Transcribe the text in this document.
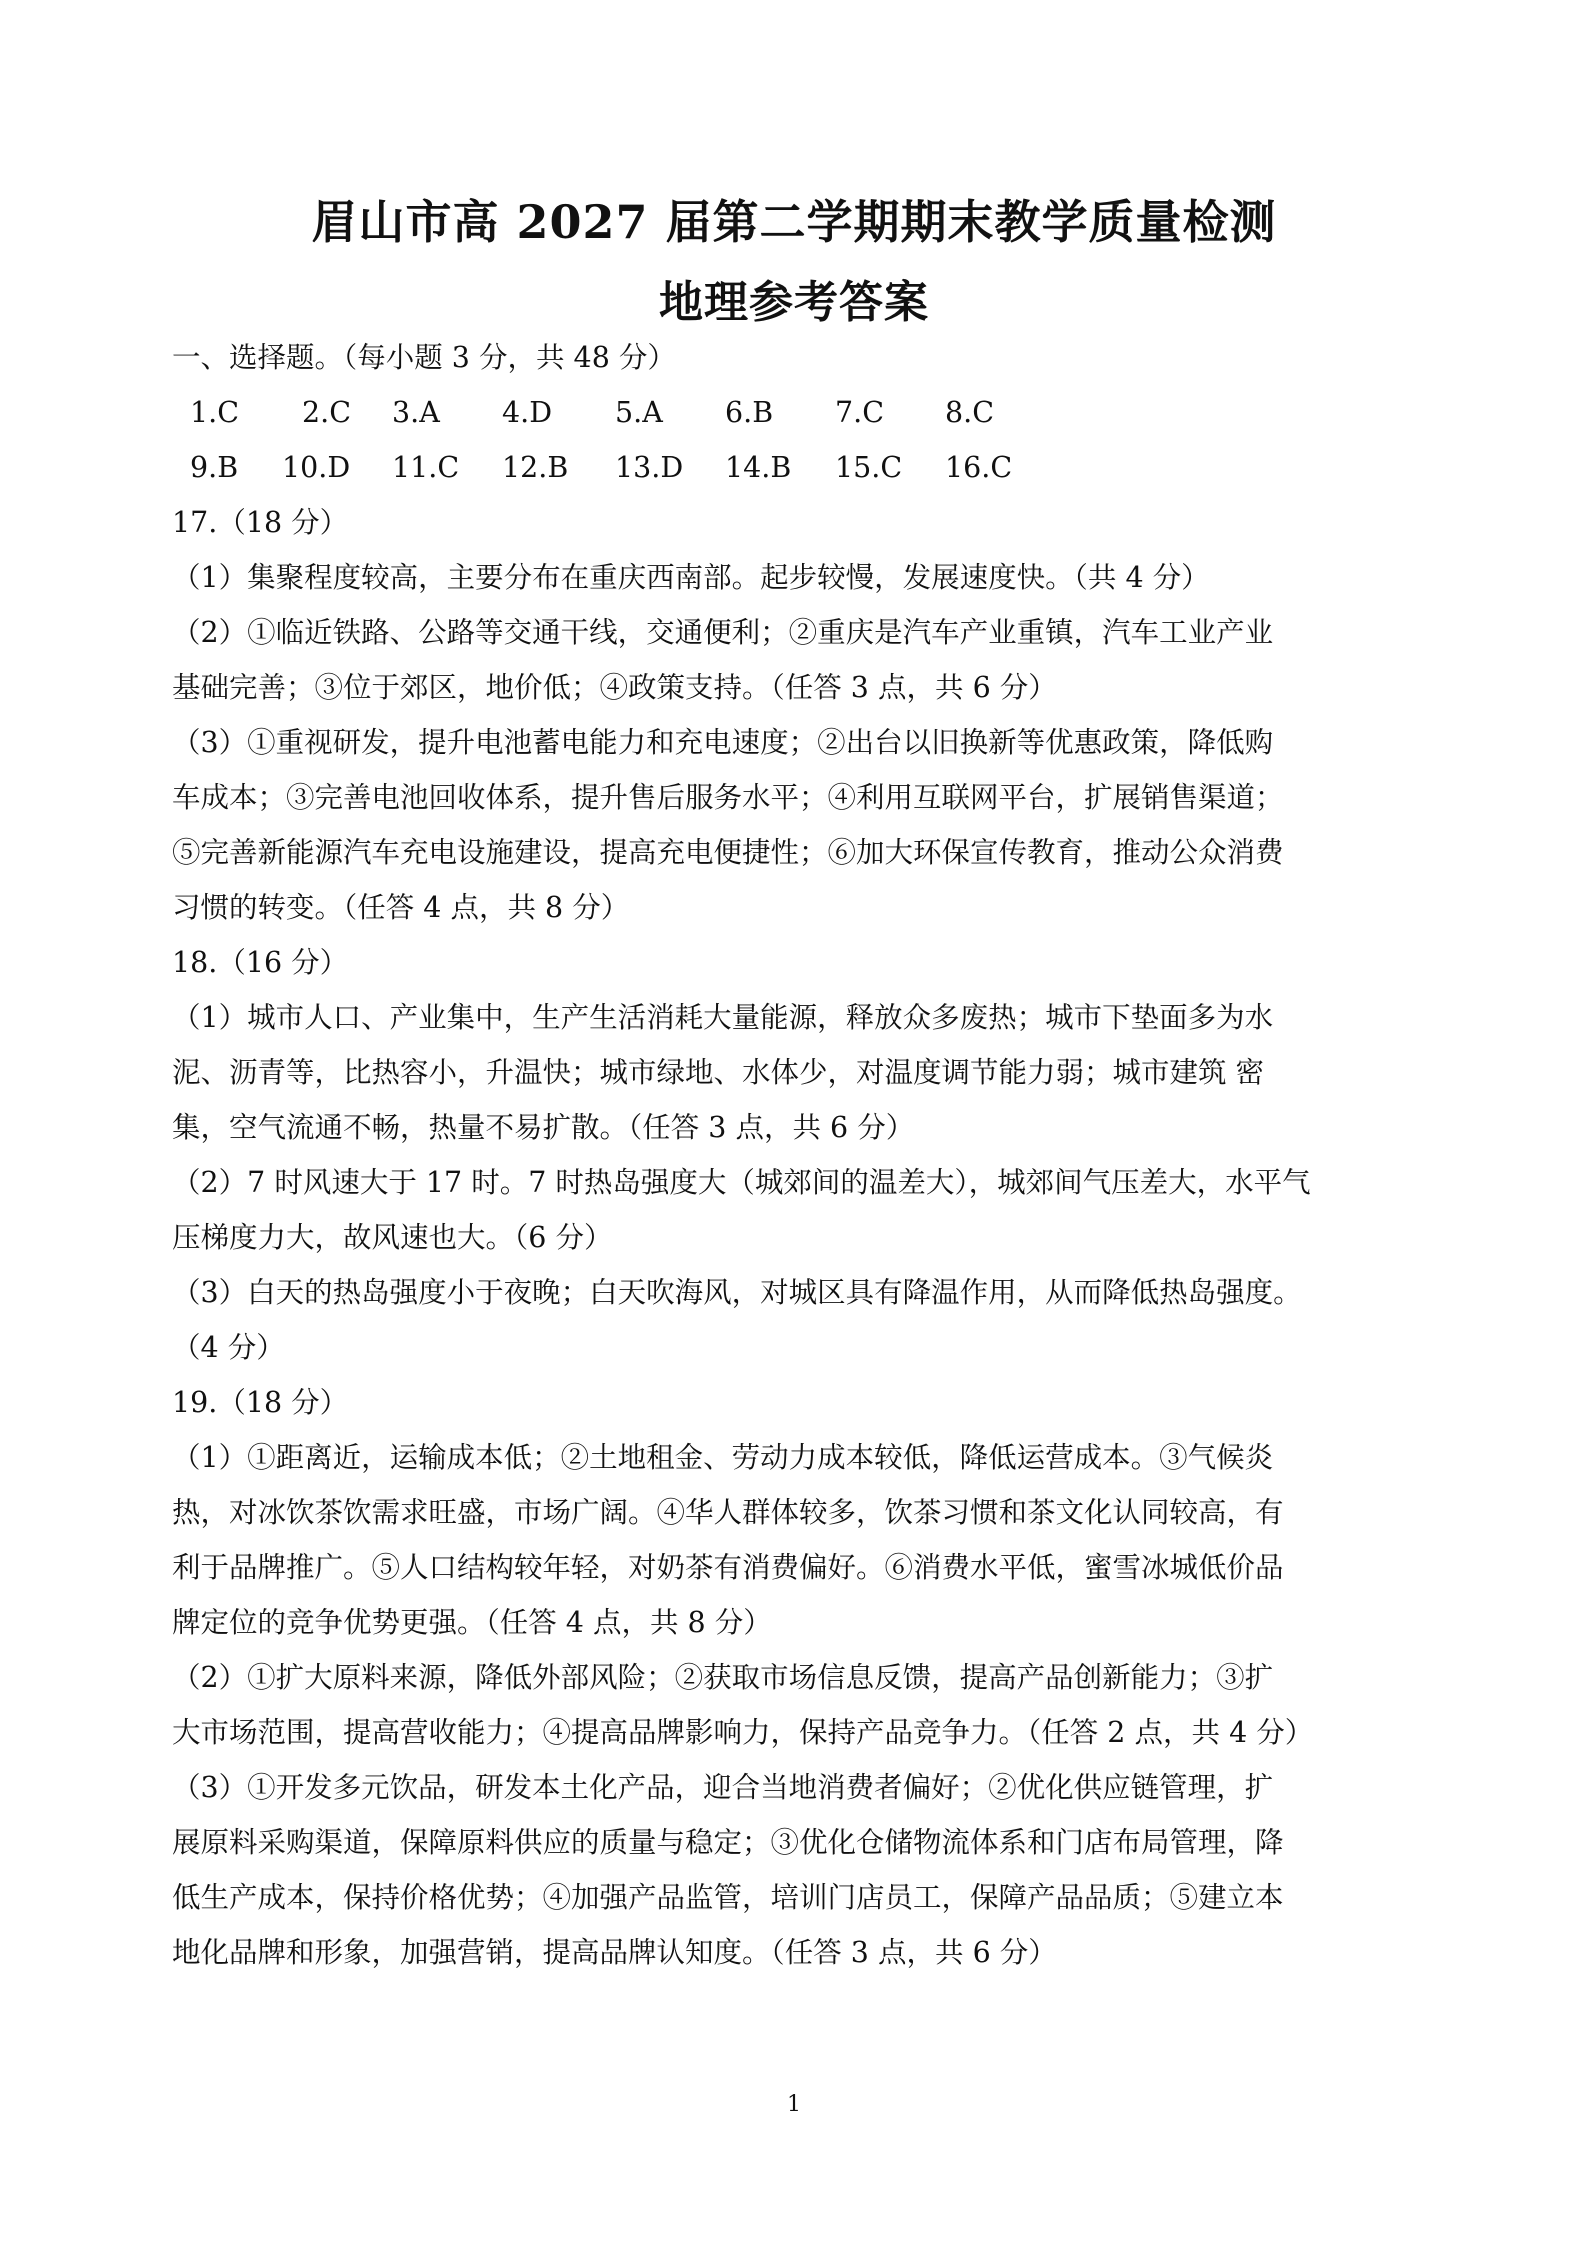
眉山市高 2027 届第二学期期末教学质量检测
地理参考答案
一、选择题。（每小题 3 分，共 48 分）
1.C 2.C 3.A 4.D 5.A 6.B 7.C 8.C
9.B 10.D 11.C 12.B 13.D 14.B 15.C 16.C
17.（18 分）
（1）集聚程度较高，主要分布在重庆西南部。起步较慢，发展速度快。（共 4 分）
（2）①临近铁路、公路等交通干线，交通便利；②重庆是汽车产业重镇，汽车工业产业
基础完善；③位于郊区，地价低；④政策支持。（任答 3 点，共 6 分）
（3）①重视研发，提升电池蓄电能力和充电速度；②出台以旧换新等优惠政策，降低购
车成本；③完善电池回收体系，提升售后服务水平；④利用互联网平台，扩展销售渠道；
⑤完善新能源汽车充电设施建设，提高充电便捷性；⑥加大环保宣传教育，推动公众消费
习惯的转变。（任答 4 点，共 8 分）
18.（16 分）
（1）城市人口、产业集中，生产生活消耗大量能源，释放众多废热；城市下垫面多为水
泥、沥青等，比热容小，升温快；城市绿地、水体少，对温度调节能力弱；城市建筑 密
集，空气流通不畅，热量不易扩散。（任答 3 点，共 6 分）
（2）7 时风速大于 17 时。7 时热岛强度大（城郊间的温差大），城郊间气压差大，水平气
压梯度力大，故风速也大。（6 分）
（3）白天的热岛强度小于夜晚；白天吹海风，对城区具有降温作用，从而降低热岛强度。
（4 分）
19.（18 分）
（1）①距离近，运输成本低；②土地租金、劳动力成本较低，降低运营成本。③气候炎
热，对冰饮茶饮需求旺盛，市场广阔。④华人群体较多，饮茶习惯和茶文化认同较高，有
利于品牌推广。⑤人口结构较年轻，对奶茶有消费偏好。⑥消费水平低，蜜雪冰城低价品
牌定位的竞争优势更强。（任答 4 点，共 8 分）
（2）①扩大原料来源，降低外部风险；②获取市场信息反馈，提高产品创新能力；③扩
大市场范围，提高营收能力；④提高品牌影响力，保持产品竞争力。（任答 2 点，共 4 分）
（3）①开发多元饮品，研发本土化产品，迎合当地消费者偏好；②优化供应链管理，扩
展原料采购渠道，保障原料供应的质量与稳定；③优化仓储物流体系和门店布局管理，降
低生产成本，保持价格优势；④加强产品监管，培训门店员工，保障产品品质；⑤建立本
地化品牌和形象，加强营销，提高品牌认知度。（任答 3 点，共 6 分）
1
